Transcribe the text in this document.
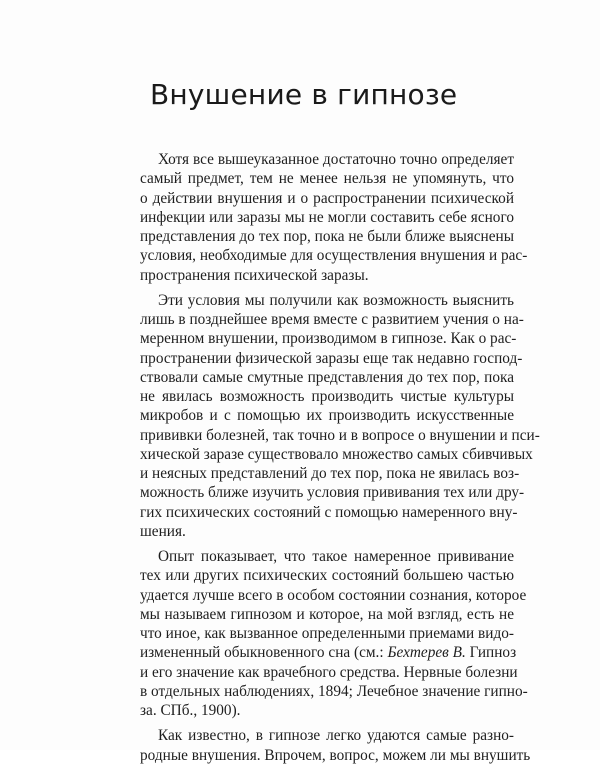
Внушение в гипнозе

Хотя все вышеуказанное достаточно точно определяет
самый предмет, тем не менее нельзя не упомянуть, что
о действии внушения и о распространении психической
инфекции или заразы мы не могли составить себе ясного
представления до тех пор, пока не были ближе выяснены
условия, необходимые для осуществления внушения и рас-
пространения психической заразы.

Эти условия мы получили как возможность выяснить
лишь в позднейшее время вместе с развитием учения о на-
меренном внушении, производимом в гипнозе. Как о рас-
пространении физической заразы еще так недавно господ-
ствовали самые смутные представления до тех пор, пока
не явилась возможность производить чистые культуры
микробов и с помощью их производить искусственные
прививки болезней, так точно и в вопросе о внушении и пси-
хической заразе существовало множество самых сбивчивых
и неясных представлений до тех пор, пока не явилась воз-
можность ближе изучить условия прививания тех или дру-
гих психических состояний с помощью намеренного вну-
шения.

Опыт показывает, что такое намеренное прививание
тех или других психических состояний большею частью
удается лучше всего в особом состоянии сознания, которое
мы называем гипнозом и которое, на мой взгляд, есть не
что иное, как вызванное определенными приемами видо-
измененный обыкновенного сна (см.: Бехтерев В. Гипноз
и его значение как врачебного средства. Нервные болезни
в отдельных наблюдениях, 1894; Лечебное значение гипно-
за. СПб., 1900).

Как известно, в гипнозе легко удаются самые разно-
родные внушения. Впрочем, вопрос, можем ли мы внушить
